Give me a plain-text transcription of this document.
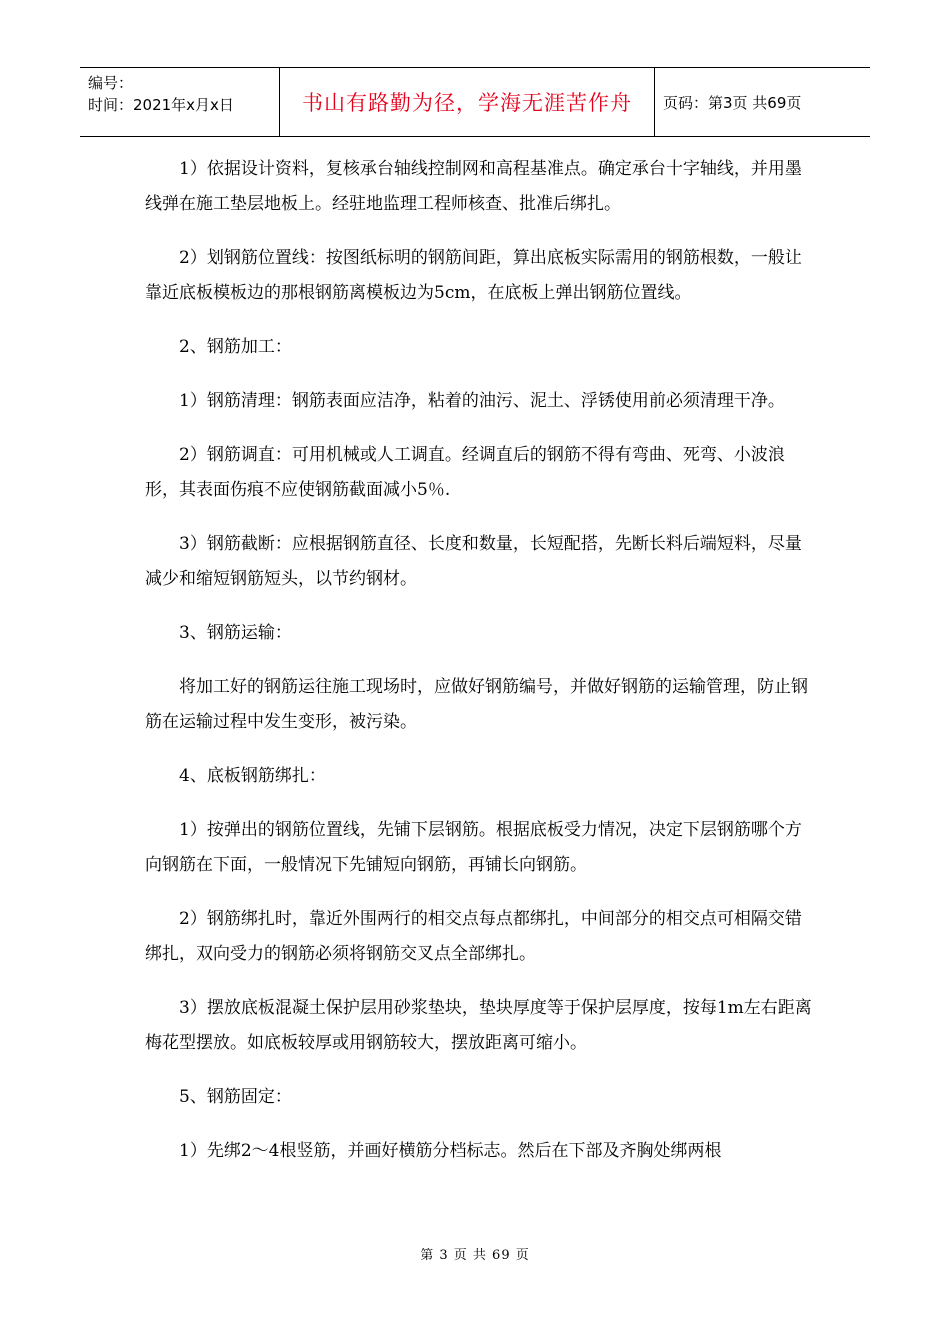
编号：
时间：2021年x月x日	书山有路勤为径，学海无涯苦作舟	页码：第3页 共69页

1）依据设计资料，复核承台轴线控制网和高程基准点。确定承台十字轴线，并用墨线弹在施工垫层地板上。经驻地监理工程师核查、批准后绑扎。

2）划钢筋位置线：按图纸标明的钢筋间距，算出底板实际需用的钢筋根数，一般让靠近底板模板边的那根钢筋离模板边为5cm，在底板上弹出钢筋位置线。

2、钢筋加工：

1）钢筋清理：钢筋表面应洁净，粘着的油污、泥土、浮锈使用前必须清理干净。

2）钢筋调直：可用机械或人工调直。经调直后的钢筋不得有弯曲、死弯、小波浪形，其表面伤痕不应使钢筋截面减小5％.

3）钢筋截断：应根据钢筋直径、长度和数量，长短配搭，先断长料后端短料，尽量减少和缩短钢筋短头，以节约钢材。

3、钢筋运输：

将加工好的钢筋运往施工现场时，应做好钢筋编号，并做好钢筋的运输管理，防止钢筋在运输过程中发生变形，被污染。

4、底板钢筋绑扎：

1）按弹出的钢筋位置线，先铺下层钢筋。根据底板受力情况，决定下层钢筋哪个方向钢筋在下面，一般情况下先铺短向钢筋，再铺长向钢筋。

2）钢筋绑扎时，靠近外围两行的相交点每点都绑扎，中间部分的相交点可相隔交错绑扎，双向受力的钢筋必须将钢筋交叉点全部绑扎。

3）摆放底板混凝土保护层用砂浆垫块，垫块厚度等于保护层厚度，按每1m左右距离梅花型摆放。如底板较厚或用钢筋较大，摆放距离可缩小。

5、钢筋固定：

1）先绑2～4根竖筋，并画好横筋分档标志。然后在下部及齐胸处绑两根

第 3 页 共 69 页
